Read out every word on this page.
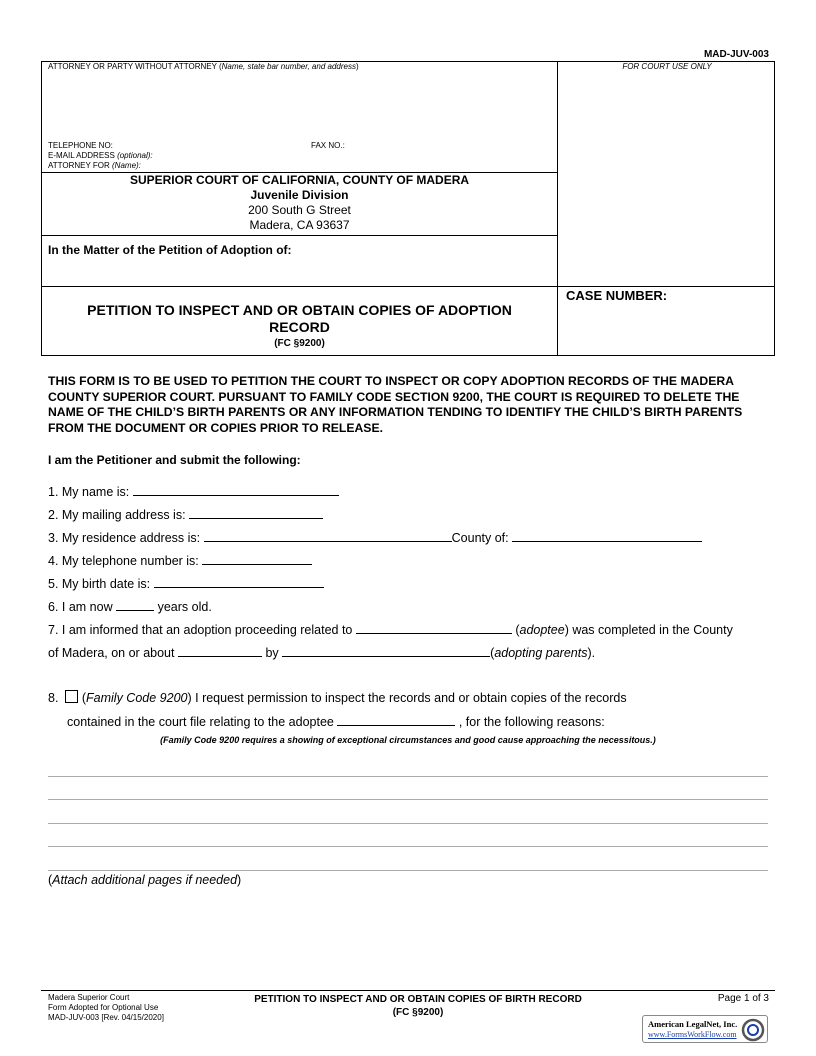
MAD-JUV-003
ATTORNEY OR PARTY WITHOUT ATTORNEY (Name, state bar number, and address)	FOR COURT USE ONLY
TELEPHONE NO:	FAX NO.:
E-MAIL ADDRESS (optional):
ATTORNEY FOR (Name):
SUPERIOR COURT OF CALIFORNIA, COUNTY OF MADERA
Juvenile Division
200 South G Street
Madera, CA 93637
In the Matter of the Petition of Adoption of:
PETITION TO INSPECT AND OR OBTAIN COPIES OF ADOPTION RECORD
(FC §9200)
CASE NUMBER:
THIS FORM IS TO BE USED TO PETITION THE COURT TO INSPECT OR COPY ADOPTION RECORDS OF THE MADERA COUNTY SUPERIOR COURT. PURSUANT TO FAMILY CODE SECTION 9200, THE COURT IS REQUIRED TO DELETE THE NAME OF THE CHILD’S BIRTH PARENTS OR ANY INFORMATION TENDING TO IDENTIFY THE CHILD’S BIRTH PARENTS FROM THE DOCUMENT OR COPIES PRIOR TO RELEASE.
I am the Petitioner and submit the following:
1. My name is:
2. My mailing address is:
3. My residence address is:	County of:
4. My telephone number is:
5. My birth date is:
6. I am now	years old.
7. I am informed that an adoption proceeding related to	(adoptee) was completed in the County
of Madera, on or about	by	(adopting parents).
8.   (Family Code 9200) I request permission to inspect the records and or obtain copies of the records
contained in the court file relating to the adoptee	, for the following reasons:
(Family Code 9200 requires a showing of exceptional circumstances and good cause approaching the necessitous.)
(Attach additional pages if needed)
Madera Superior Court
Form Adopted for Optional Use
MAD-JUV-003 [Rev. 04/15/2020]
PETITION TO INSPECT AND OR OBTAIN COPIES OF BIRTH RECORD
(FC §9200)
Page 1 of 3
American LegalNet, Inc.
www.FormsWorkFlow.com
